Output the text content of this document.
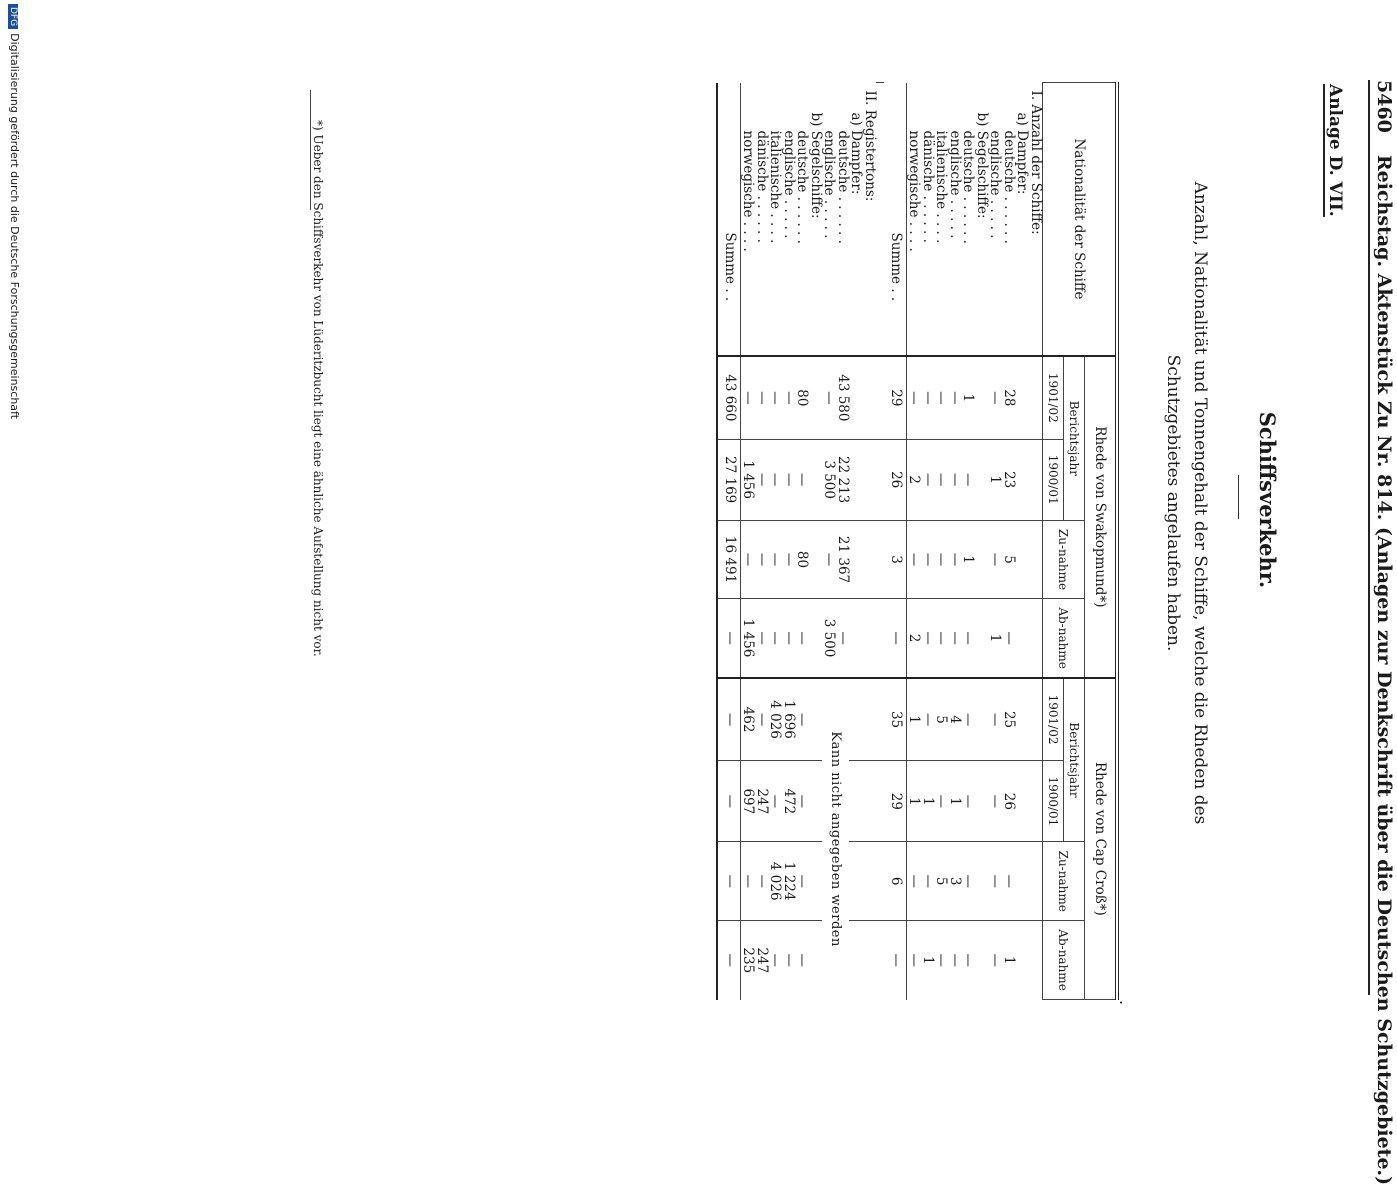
5460Reichstag. Aktenstück Zu Nr. 814. (Anlagen zur Denkschrift über die Deutschen Schutzgebiete.)
Anlage D. VII.
Schiffsverkehr.
Anzahl, Nationalität und Tonnengehalt der Schiffe, welche die Rheden des Schutzgebietes angelaufen haben.
.
Nationalität der Schiffe	Rhede von Swakopmund*)				Rhede von Cap Croß*)			
	Berichtsjahr		Zu-nahme	Ab-nahme	Berichtsjahr		Zu-nahme	Ab-nahme
	1901/02	1900/01			1901/02	1900/01		
I. Anzahl der Schiffe:								
a) Dampfer:								
deutsche . . . . . .	28	23	5	—	25	26	—	1
englische . . . . .	—	1	—	1	—	—	—	—
b) Segelschiffe:								
deutsche . . . . . .	1	—	1	—	—	—	—	—
englische . . . . .	—	—	—	—	4	1	3	—
italienische . . . .	—	—	—	—	5	—	5	—
dänische . . . . . .	—	—	—	—	—	1	—	1
norwegische . . . .	—	2	—	2	1	1	—	—
Summe . .	29	26	3	—	35	29	6	—

II. Registertons:								
a) Dampfer:								
deutsche . . . . . .	43 580	22 213	21 367	—	Kann nicht angegeben werden			
englische . . . . .	—	3 500	—	3 500				
b) Segelschiffe:								
deutsche . . . . . .	80	—	80	—	—	—	—	—
englische . . . . .	—	—	—	—	1 696	472	1 224	—
italienische . . . .	—	—	—	—	4 026	—	4 026	—
dänische . . . . . .	—	—	—	—	—	247	—	247
norwegische . . . .	—	1 456	—	1 456	462	697	—	235
Summe . .	43 660	27 169	16 491	—	—	—	—	—
*) Ueber den Schiffsverkehr von Lüderitzbucht liegt eine ähnliche Aufstellung nicht vor.
DFGDigitalisierung gefördert durch die Deutsche Forschungsgemeinschaft
